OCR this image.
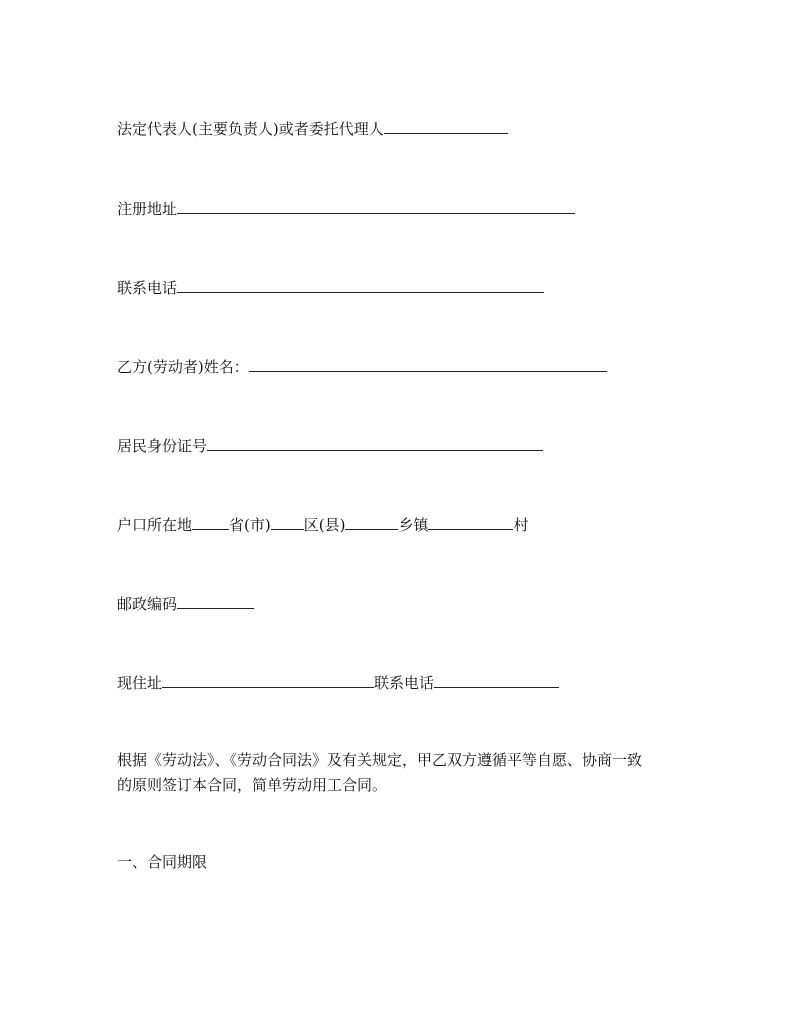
法定代表人(主要负责人)或者委托代理人
注册地址
联系电话
乙方(劳动者)姓名：
居民身份证号
户口所在地 省(市) 区(县)	乡镇	村
邮政编码
现住址	联系电话
根据《劳动法》、《劳动合同法》及有关规定，甲乙双方遵循平等自愿、协商一致
的原则签订本合同，简单劳动用工合同。
一、合同期限
